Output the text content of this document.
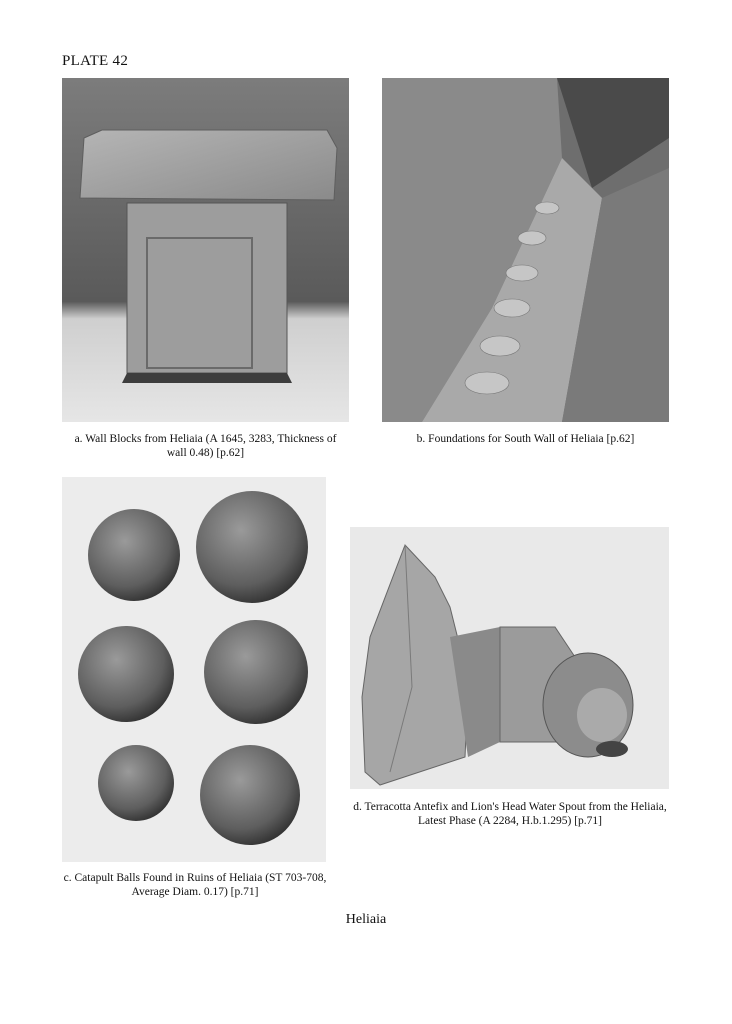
PLATE 42
a. Wall Blocks from Heliaia (A 1645, 3283, Thickness of
wall 0.48) [p.62]
b. Foundations for South Wall of Heliaia [p.62]
c. Catapult Balls Found in Ruins of Heliaia (ST 703-708,
Average Diam. 0.17) [p.71]
d. Terracotta Antefix and Lion's Head Water Spout from the Heliaia,
Latest Phase (A 2284, H.b.1.295) [p.71]
Heliaia
